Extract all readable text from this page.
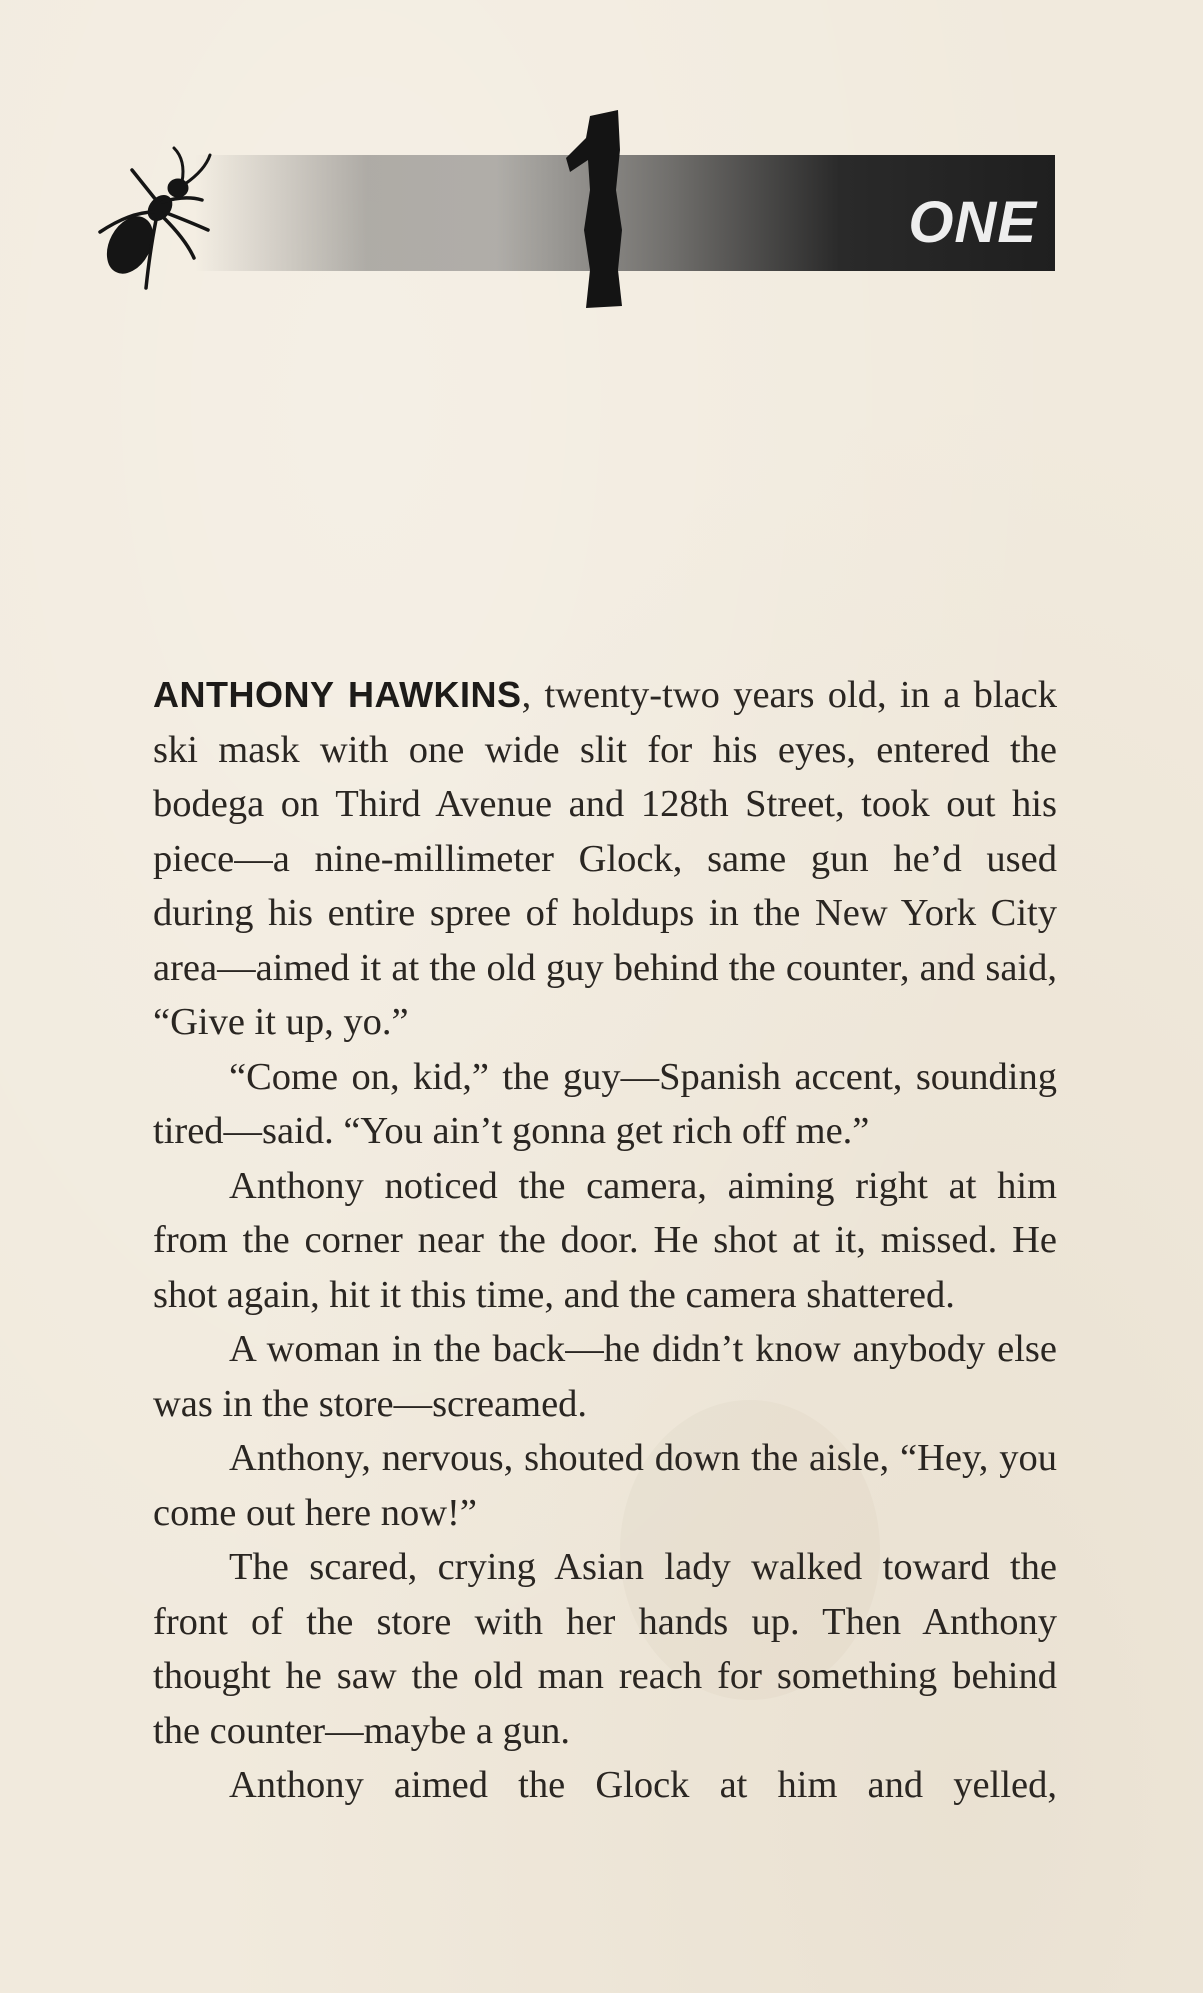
ONE

ANTHONY HAWKINS, twenty-two years old, in a black ski mask with one wide slit for his eyes, entered the bodega on Third Avenue and 128th Street, took out his piece—a nine-millimeter Glock, same gun he’d used during his entire spree of holdups in the New York City area—aimed it at the old guy behind the counter, and said, “Give it up, yo.”

“Come on, kid,” the guy—Spanish accent, sounding tired—said. “You ain’t gonna get rich off me.”

Anthony noticed the camera, aiming right at him from the corner near the door. He shot at it, missed. He shot again, hit it this time, and the camera shattered.

A woman in the back—he didn’t know anybody else was in the store—screamed.

Anthony, nervous, shouted down the aisle, “Hey, you come out here now!”

The scared, crying Asian lady walked toward the front of the store with her hands up. Then Anthony thought he saw the old man reach for something behind the counter—maybe a gun.

Anthony aimed the Glock at him and yelled,
